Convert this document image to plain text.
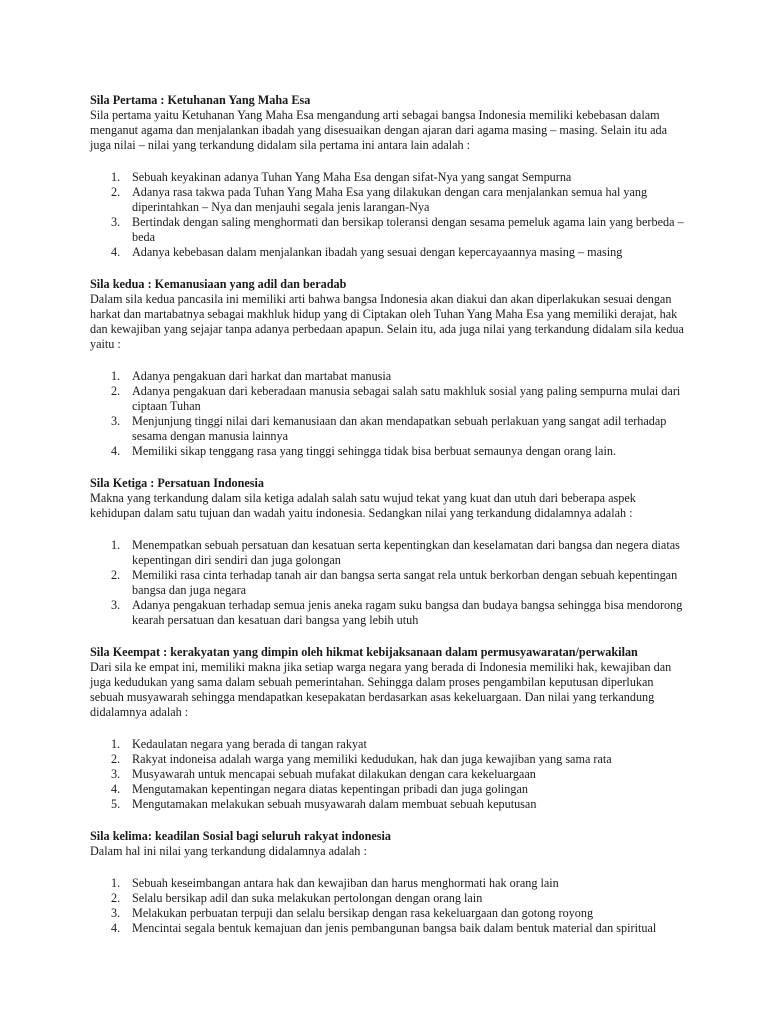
Sila Pertama : Ketuhanan Yang Maha Esa
Sila pertama yaitu Ketuhanan Yang Maha Esa mengandung arti sebagai bangsa Indonesia memiliki kebebasan dalam menganut agama dan menjalankan ibadah yang disesuaikan dengan ajaran dari agama masing – masing. Selain itu ada juga nilai – nilai yang terkandung didalam sila pertama ini antara lain adalah :
1. Sebuah keyakinan adanya Tuhan Yang Maha Esa dengan sifat-Nya yang sangat Sempurna
2. Adanya rasa takwa pada Tuhan Yang Maha Esa yang dilakukan dengan cara menjalankan semua hal yang diperintahkan – Nya dan menjauhi segala jenis larangan-Nya
3. Bertindak dengan saling menghormati dan bersikap toleransi dengan sesama pemeluk agama lain yang berbeda – beda
4. Adanya kebebasan dalam menjalankan ibadah yang sesuai dengan kepercayaannya masing – masing
Sila kedua : Kemanusiaan yang adil dan beradab
Dalam sila kedua pancasila ini memiliki arti bahwa bangsa Indonesia akan diakui dan akan diperlakukan sesuai dengan harkat dan martabatnya sebagai makhluk hidup yang di Ciptakan oleh Tuhan Yang Maha Esa yang memiliki derajat, hak dan kewajiban yang sejajar tanpa adanya perbedaan apapun. Selain itu, ada juga nilai yang terkandung didalam sila kedua yaitu :
1. Adanya pengakuan dari harkat dan martabat manusia
2. Adanya pengakuan dari keberadaan manusia sebagai salah satu makhluk sosial yang paling sempurna mulai dari ciptaan Tuhan
3. Menjunjung tinggi nilai dari kemanusiaan dan akan mendapatkan sebuah perlakuan yang sangat adil terhadap sesama dengan manusia lainnya
4. Memiliki sikap tenggang rasa yang tinggi sehingga tidak bisa berbuat semaunya dengan orang lain.
Sila Ketiga : Persatuan Indonesia
Makna yang terkandung dalam sila ketiga adalah salah satu wujud tekat yang kuat dan utuh dari beberapa aspek kehidupan dalam satu tujuan dan wadah yaitu indonesia. Sedangkan nilai yang terkandung didalamnya adalah :
1. Menempatkan sebuah persatuan dan kesatuan serta kepentingkan dan keselamatan dari bangsa dan negera diatas kepentingan diri sendiri dan juga golongan
2. Memiliki rasa cinta terhadap tanah air dan bangsa serta sangat rela untuk berkorban dengan sebuah kepentingan bangsa dan juga negara
3. Adanya pengakuan terhadap semua jenis aneka ragam suku bangsa dan budaya bangsa sehingga bisa mendorong kearah persatuan dan kesatuan dari bangsa yang lebih utuh
Sila Keempat : kerakyatan yang dimpin oleh hikmat kebijaksanaan dalam permusyawaratan/perwakilan
Dari sila ke empat ini, memiliki makna jika setiap warga negara yang berada di Indonesia memiliki hak, kewajiban dan juga kedudukan yang sama dalam sebuah pemerintahan. Sehingga dalam proses pengambilan keputusan diperlukan sebuah musyawarah sehingga mendapatkan kesepakatan berdasarkan asas kekeluargaan. Dan nilai yang terkandung didalamnya adalah :
1. Kedaulatan negara yang berada di tangan rakyat
2. Rakyat indoneisa adalah warga yang memiliki kedudukan, hak dan juga kewajiban yang sama rata
3. Musyawarah untuk mencapai sebuah mufakat dilakukan dengan cara kekeluargaan
4. Mengutamakan kepentingan negara diatas kepentingan pribadi dan juga golingan
5. Mengutamakan melakukan sebuah musyawarah dalam membuat sebuah keputusan
Sila kelima: keadilan Sosial bagi seluruh rakyat indonesia
Dalam hal ini nilai yang terkandung didalamnya adalah :
1. Sebuah keseimbangan antara hak dan kewajiban dan harus menghormati hak orang lain
2. Selalu bersikap adil dan suka melakukan pertolongan dengan orang lain
3. Melakukan perbuatan terpuji dan selalu bersikap dengan rasa kekeluargaan dan gotong royong
4. Mencintai segala bentuk kemajuan dan jenis pembangunan bangsa baik dalam bentuk material dan spiritual
